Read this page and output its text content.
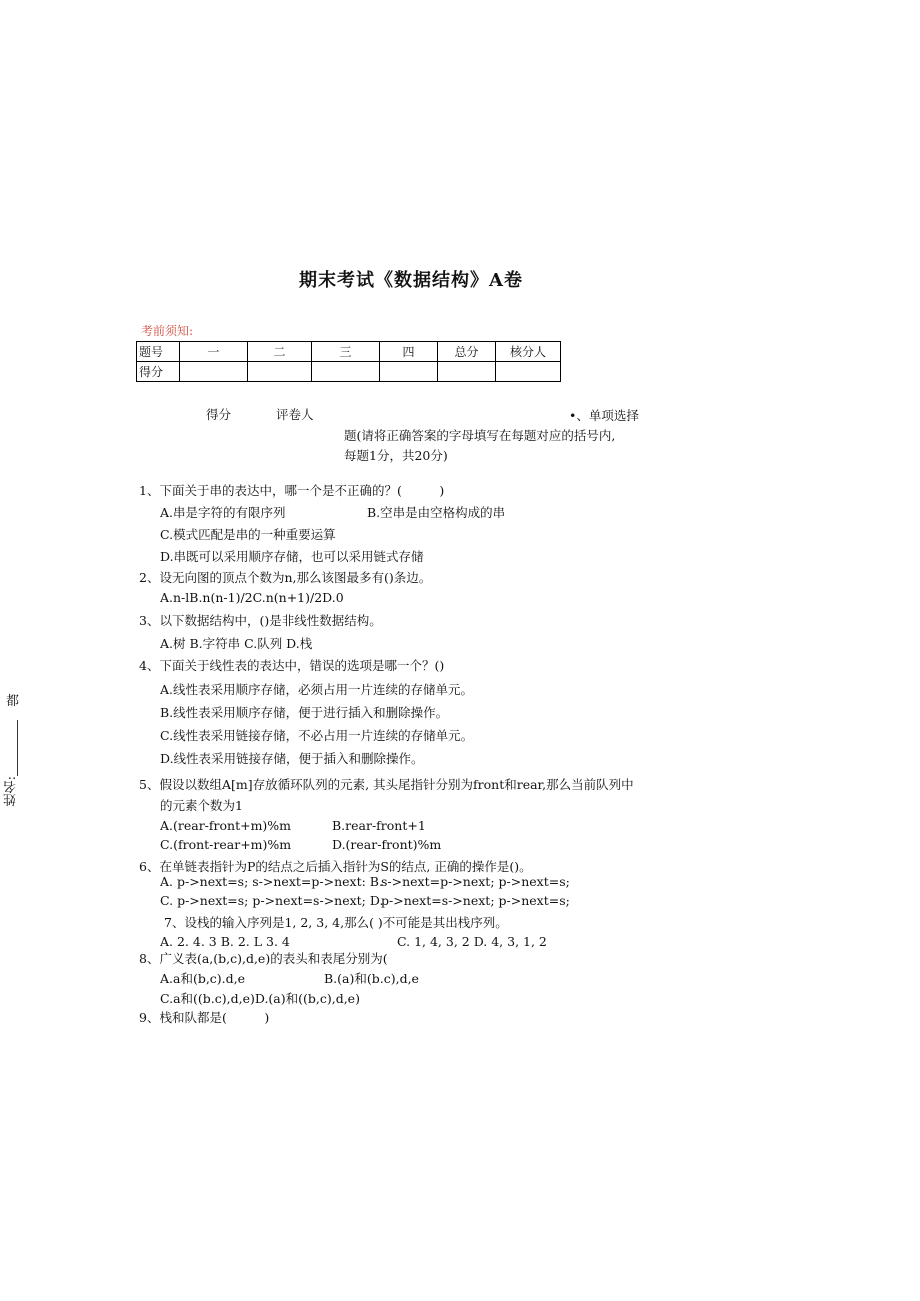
期末考试《数据结构》A卷
考前须知:
题号	一	二	三	四	总分	核分人
得分						
得分	评卷人	•、单项选择
题(请将正确答案的字母填写在每题对应的括号内,
每题1分，共20分)
1、下面关于串的表达中，哪一个是不正确的？(　　　)
A.串是字符的有限序列	B.空串是由空格构成的串
C.模式匹配是串的一种重要运算
D.串既可以采用顺序存储，也可以采用链式存储
2、设无向图的顶点个数为n,那么该图最多有()条边。
A.n-lB.n(n-1)/2C.n(n+1)/2D.0
3、以下数据结构中，()是非线性数据结构。
A.树 B.字符串 C.队列 D.栈
4、下面关于线性表的表达中，错误的选项是哪一个？()
A.线性表采用顺序存储，必须占用一片连续的存储单元。
B.线性表采用顺序存储，便于进行插入和删除操作。
C.线性表采用链接存储，不必占用一片连续的存储单元。
D.线性表采用链接存储，便于插入和删除操作。
5、假设以数组A[m]存放循环队列的元素, 其头尾指针分别为front和rear,那么当前队列中
的元素个数为1
A.(rear-front+m)%m	B.rear-front+1
C.(front-rear+m)%m	D.(rear-front)%m
6、在单链表指针为P的结点之后插入指针为S的结点, 正确的操作是()。
A. p->next=s; s->next=p->next: B.
s->next=p->next; p->next=s;
C. p->next=s; p->next=s->next; D.
p->next=s->next; p->next=s;
7、设栈的输入序列是1, 2, 3, 4,那么( )不可能是其出栈序列。
A. 2. 4. 3 B. 2. L 3. 4	C. 1, 4, 3, 2 D. 4, 3, 1, 2
8、广义表(a,(b,c),d,e)的表头和表尾分别为(
A.a和(b,c).d,e	B.(a)和(b.c),d,e
C.a和((b.c),d,e)D.(a)和((b,c),d,e)
9、栈和队都是(　　　)
都
姓名:
